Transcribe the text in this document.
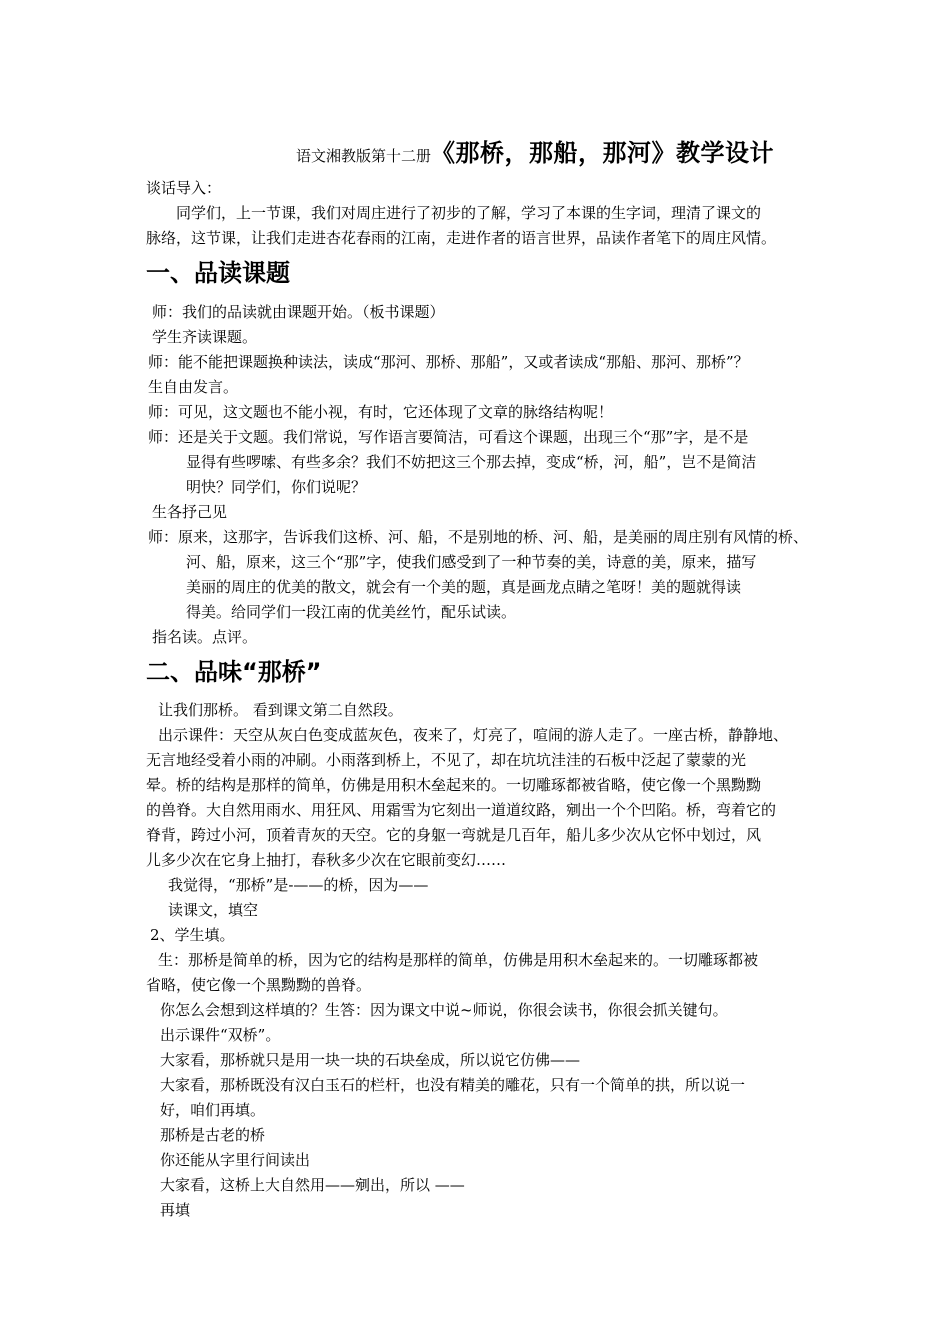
语文湘教版第十二册《那桥，那船，那河》教学设计
谈话导入：
同学们，上一节课，我们对周庄进行了初步的了解，学习了本课的生字词，理清了课文的
脉络，这节课，让我们走进杏花春雨的江南，走进作者的语言世界，品读作者笔下的周庄风情。
一、品读课题
师：我们的品读就由课题开始。（板书课题）
学生齐读课题。
师：能不能把课题换种读法，读成“那河、那桥、那船”，又或者读成“那船、那河、那桥”？
生自由发言。
师：可见，这文题也不能小视，有时，它还体现了文章的脉络结构呢！
师：还是关于文题。我们常说，写作语言要简洁，可看这个课题，出现三个“那”字，是不是
显得有些啰嗦、有些多余？我们不妨把这三个那去掉，变成“桥，河，船”，岂不是简洁
明快？同学们，你们说呢？
生各抒己见
师：原来，这那字，告诉我们这桥、河、船，不是别地的桥、河、船，是美丽的周庄别有风情的桥、
河、船，原来，这三个“那”字，使我们感受到了一种节奏的美，诗意的美，原来，描写
美丽的周庄的优美的散文，就会有一个美的题，真是画龙点睛之笔呀！美的题就得读
得美。给同学们一段江南的优美丝竹，配乐试读。
指名读。点评。
二、品味“那桥”
让我们那桥。 看到课文第二自然段。
出示课件：天空从灰白色变成蓝灰色，夜来了，灯亮了，喧闹的游人走了。一座古桥，静静地、
无言地经受着小雨的冲刷。小雨落到桥上，不见了，却在坑坑洼洼的石板中泛起了蒙蒙的光
晕。桥的结构是那样的简单，仿佛是用积木垒起来的。一切雕琢都被省略，使它像一个黑黝黝
的兽脊。大自然用雨水、用狂风、用霜雪为它刻出一道道纹路，剜出一个个凹陷。桥，弯着它的
脊背，跨过小河，顶着青灰的天空。它的身躯一弯就是几百年，船儿多少次从它怀中划过，风
儿多少次在它身上抽打，春秋多少次在它眼前变幻……
我觉得，“那桥”是-——的桥，因为——
读课文，填空
2、学生填。
生：那桥是简单的桥，因为它的结构是那样的简单，仿佛是用积木垒起来的。一切雕琢都被
省略，使它像一个黑黝黝的兽脊。
你怎么会想到这样填的？生答：因为课文中说~师说，你很会读书，你很会抓关键句。
出示课件“双桥”。
大家看，那桥就只是用一块一块的石块垒成，所以说它仿佛——
大家看，那桥既没有汉白玉石的栏杆，也没有精美的雕花，只有一个简单的拱，所以说一
好，咱们再填。
那桥是古老的桥
你还能从字里行间读出
大家看，这桥上大自然用——剜出，所以 ——
再填
